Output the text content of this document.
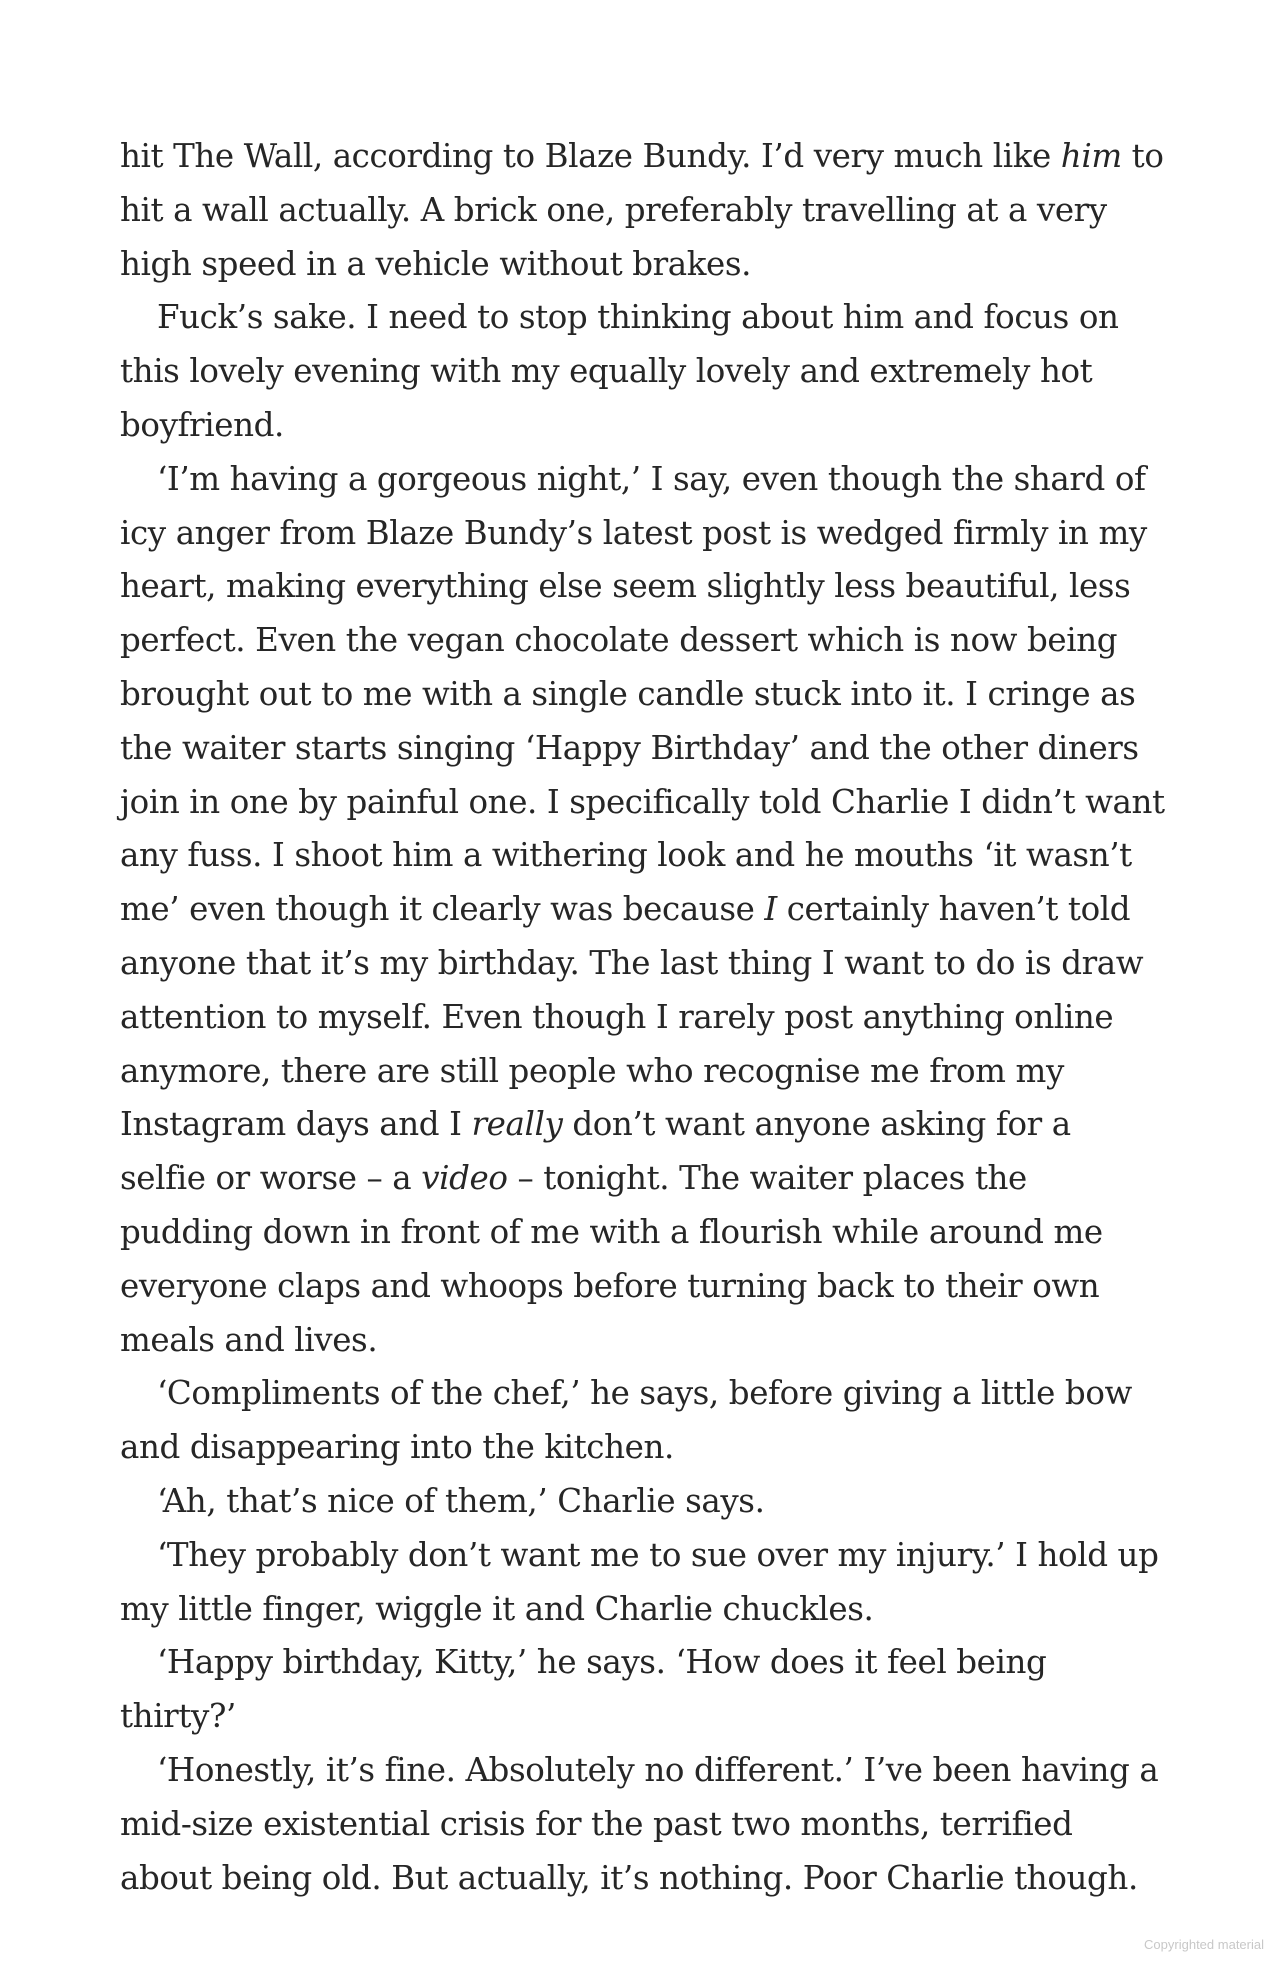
hit The Wall, according to Blaze Bundy. I’d very much like him to hit a wall actually. A brick one, preferably travelling at a very high speed in a vehicle without brakes.

Fuck’s sake. I need to stop thinking about him and focus on this lovely evening with my equally lovely and extremely hot boyfriend.

‘I’m having a gorgeous night,’ I say, even though the shard of icy anger from Blaze Bundy’s latest post is wedged firmly in my heart, making everything else seem slightly less beautiful, less perfect. Even the vegan chocolate dessert which is now being brought out to me with a single candle stuck into it. I cringe as the waiter starts singing ‘Happy Birthday’ and the other diners join in one by painful one. I specifically told Charlie I didn’t want any fuss. I shoot him a withering look and he mouths ‘it wasn’t me’ even though it clearly was because I certainly haven’t told anyone that it’s my birthday. The last thing I want to do is draw attention to myself. Even though I rarely post anything online anymore, there are still people who recognise me from my Instagram days and I really don’t want anyone asking for a selfie or worse – a video – tonight. The waiter places the pudding down in front of me with a flourish while around me everyone claps and whoops before turning back to their own meals and lives.

‘Compliments of the chef,’ he says, before giving a little bow and disappearing into the kitchen.

‘Ah, that’s nice of them,’ Charlie says.

‘They probably don’t want me to sue over my injury.’ I hold up my little finger, wiggle it and Charlie chuckles.

‘Happy birthday, Kitty,’ he says. ‘How does it feel being thirty?’

‘Honestly, it’s fine. Absolutely no different.’ I’ve been having a mid-size existential crisis for the past two months, terrified about being old. But actually, it’s nothing. Poor Charlie though.

Copyrighted material
